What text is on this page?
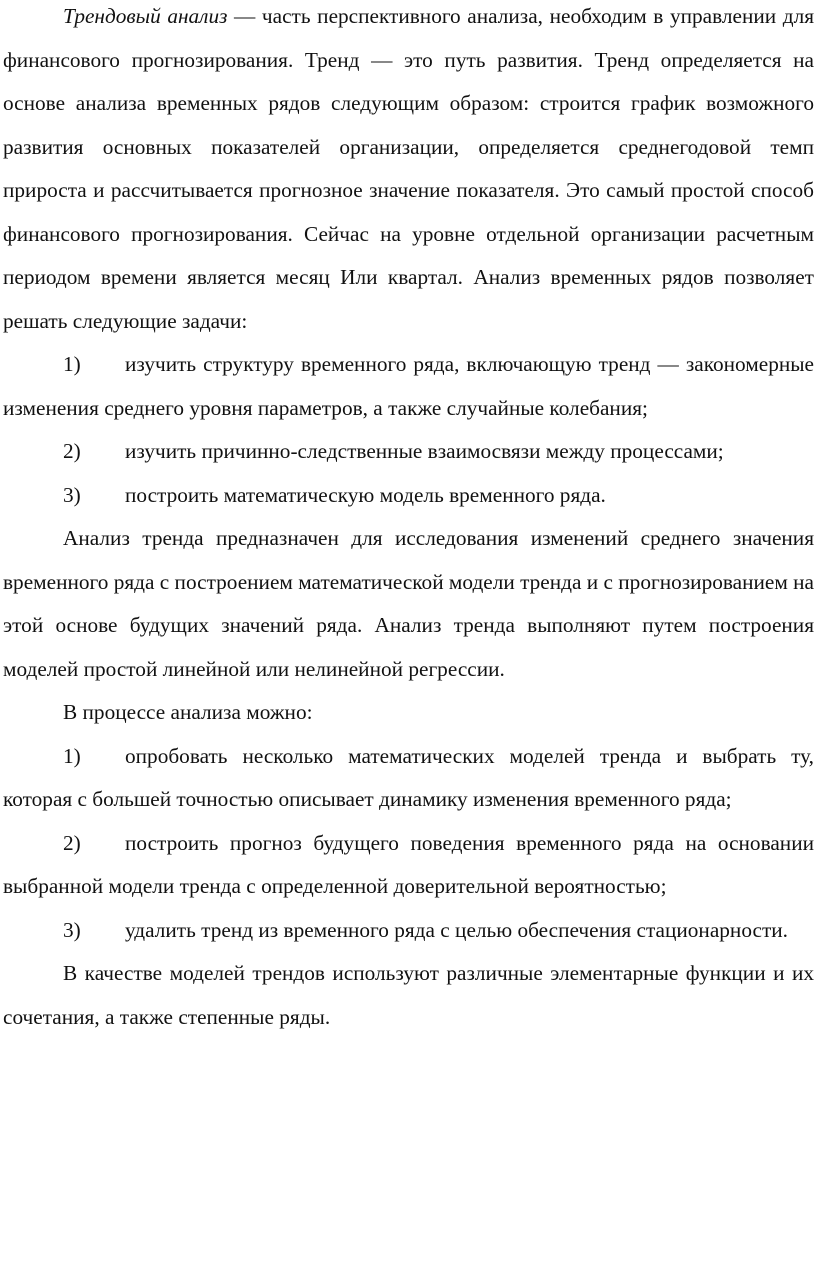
Трендовый анализ — часть перспективного анализа, необходим в управлении для финансового прогнозирования. Тренд — это путь развития. Тренд определяется на основе анализа временных рядов следующим образом: строится график возможного развития основных показателей организации, определяется среднегодовой темп прироста и рассчитывается прогнозное значение показателя. Это самый простой способ финансового прогнозирования. Сейчас на уровне отдельной организации расчетным периодом времени является месяц Или квартал. Анализ временных рядов позволяет решать следующие задачи:

1) изучить структуру временного ряда, включающую тренд — закономерные изменения среднего уровня параметров, а также случайные колебания;

2) изучить причинно-следственные взаимосвязи между процессами;

3) построить математическую модель временного ряда.

Анализ тренда предназначен для исследования изменений среднего значения временного ряда с построением математической модели тренда и с прогнозированием на этой основе будущих значений ряда. Анализ тренда выполняют путем построения моделей простой линейной или нелинейной регрессии.

В процессе анализа можно:

1) опробовать несколько математических моделей тренда и выбрать ту, которая с большей точностью описывает динамику изменения временного ряда;

2) построить прогноз будущего поведения временного ряда на основании выбранной модели тренда с определенной доверительной вероятностью;

3) удалить тренд из временного ряда с целью обеспечения стационарности.

В качестве моделей трендов используют различные элементарные функции и их сочетания, а также степенные ряды.
